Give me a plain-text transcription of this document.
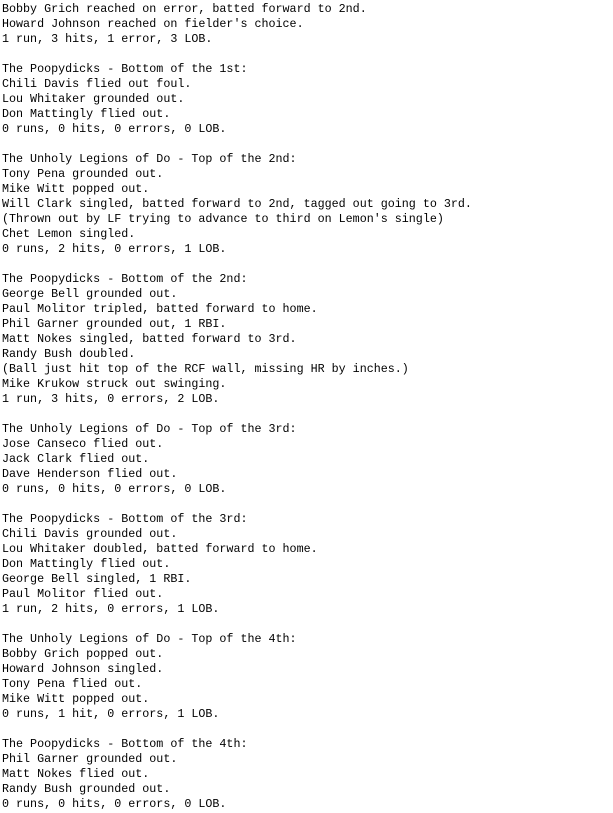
Bobby Grich reached on error, batted forward to 2nd.
Howard Johnson reached on fielder's choice.
1 run, 3 hits, 1 error, 3 LOB.
The Poopydicks - Bottom of the 1st:
Chili Davis flied out foul.
Lou Whitaker grounded out.
Don Mattingly flied out.
0 runs, 0 hits, 0 errors, 0 LOB.
The Unholy Legions of Do - Top of the 2nd:
Tony Pena grounded out.
Mike Witt popped out.
Will Clark singled, batted forward to 2nd, tagged out going to 3rd.
(Thrown out by LF trying to advance to third on Lemon's single)
Chet Lemon singled.
0 runs, 2 hits, 0 errors, 1 LOB.
The Poopydicks - Bottom of the 2nd:
George Bell grounded out.
Paul Molitor tripled, batted forward to home.
Phil Garner grounded out, 1 RBI.
Matt Nokes singled, batted forward to 3rd.
Randy Bush doubled.
(Ball just hit top of the RCF wall, missing HR by inches.)
Mike Krukow struck out swinging.
1 run, 3 hits, 0 errors, 2 LOB.
The Unholy Legions of Do - Top of the 3rd:
Jose Canseco flied out.
Jack Clark flied out.
Dave Henderson flied out.
0 runs, 0 hits, 0 errors, 0 LOB.
The Poopydicks - Bottom of the 3rd:
Chili Davis grounded out.
Lou Whitaker doubled, batted forward to home.
Don Mattingly flied out.
George Bell singled, 1 RBI.
Paul Molitor flied out.
1 run, 2 hits, 0 errors, 1 LOB.
The Unholy Legions of Do - Top of the 4th:
Bobby Grich popped out.
Howard Johnson singled.
Tony Pena flied out.
Mike Witt popped out.
0 runs, 1 hit, 0 errors, 1 LOB.
The Poopydicks - Bottom of the 4th:
Phil Garner grounded out.
Matt Nokes flied out.
Randy Bush grounded out.
0 runs, 0 hits, 0 errors, 0 LOB.
